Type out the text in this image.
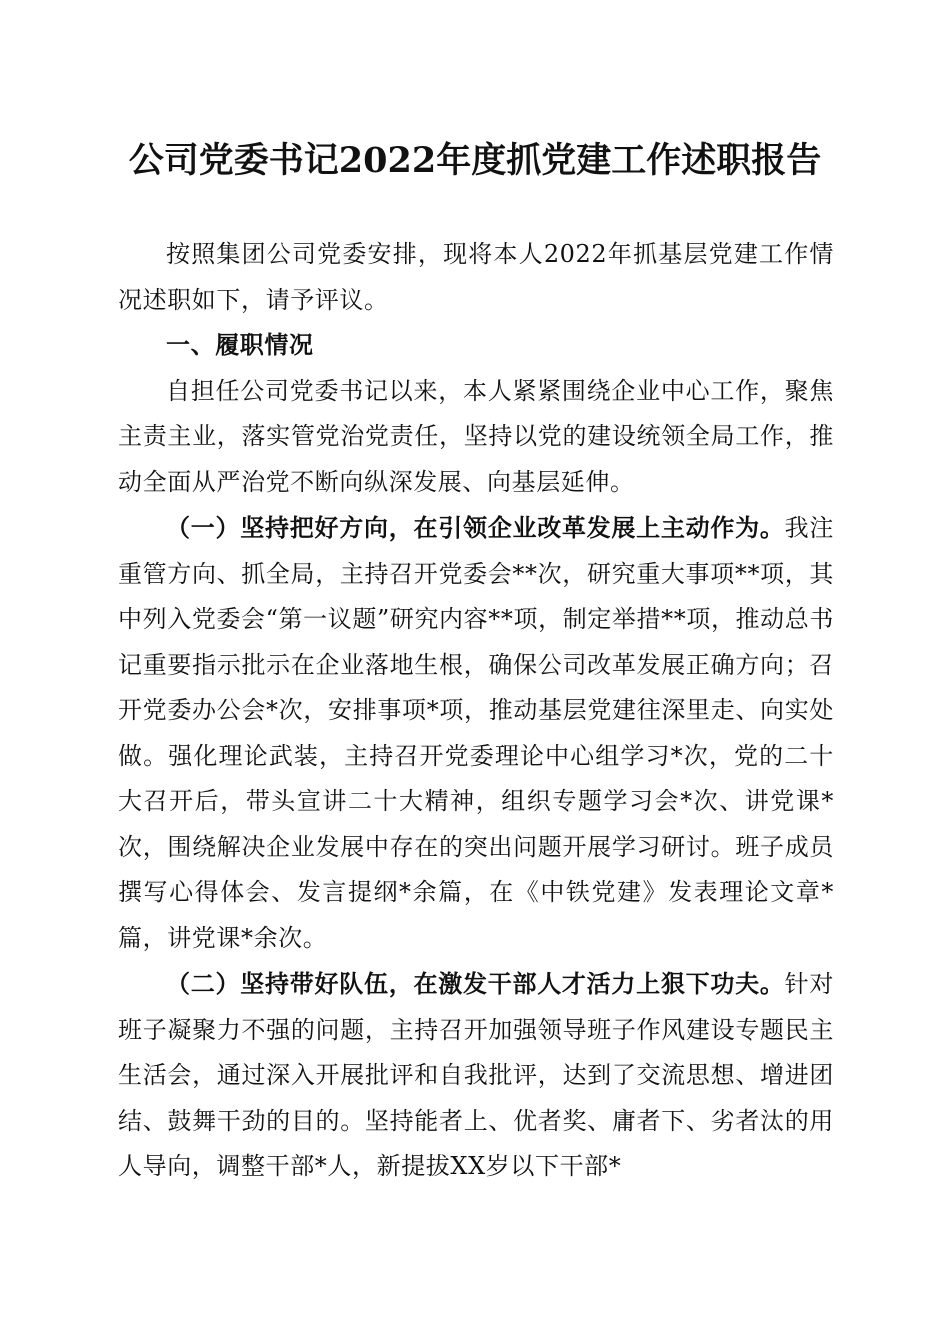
公司党委书记2022年度抓党建工作述职报告

按照集团公司党委安排，现将本人2022年抓基层党建工作情况述职如下，请予评议。

一、履职情况

自担任公司党委书记以来，本人紧紧围绕企业中心工作，聚焦主责主业，落实管党治党责任，坚持以党的建设统领全局工作，推动全面从严治党不断向纵深发展、向基层延伸。

（一）坚持把好方向，在引领企业改革发展上主动作为。我注重管方向、抓全局，主持召开党委会**次，研究重大事项**项，其中列入党委会“第一议题”研究内容**项，制定举措**项，推动总书记重要指示批示在企业落地生根，确保公司改革发展正确方向；召开党委办公会*次，安排事项*项，推动基层党建往深里走、向实处做。强化理论武装，主持召开党委理论中心组学习*次，党的二十大召开后，带头宣讲二十大精神，组织专题学习会*次、讲党课*次，围绕解决企业发展中存在的突出问题开展学习研讨。班子成员撰写心得体会、发言提纲*余篇，在《中铁党建》发表理论文章*篇，讲党课*余次。

（二）坚持带好队伍，在激发干部人才活力上狠下功夫。针对班子凝聚力不强的问题，主持召开加强领导班子作风建设专题民主生活会，通过深入开展批评和自我批评，达到了交流思想、增进团结、鼓舞干劲的目的。坚持能者上、优者奖、庸者下、劣者汰的用人导向，调整干部*人，新提拔XX岁以下干部*
